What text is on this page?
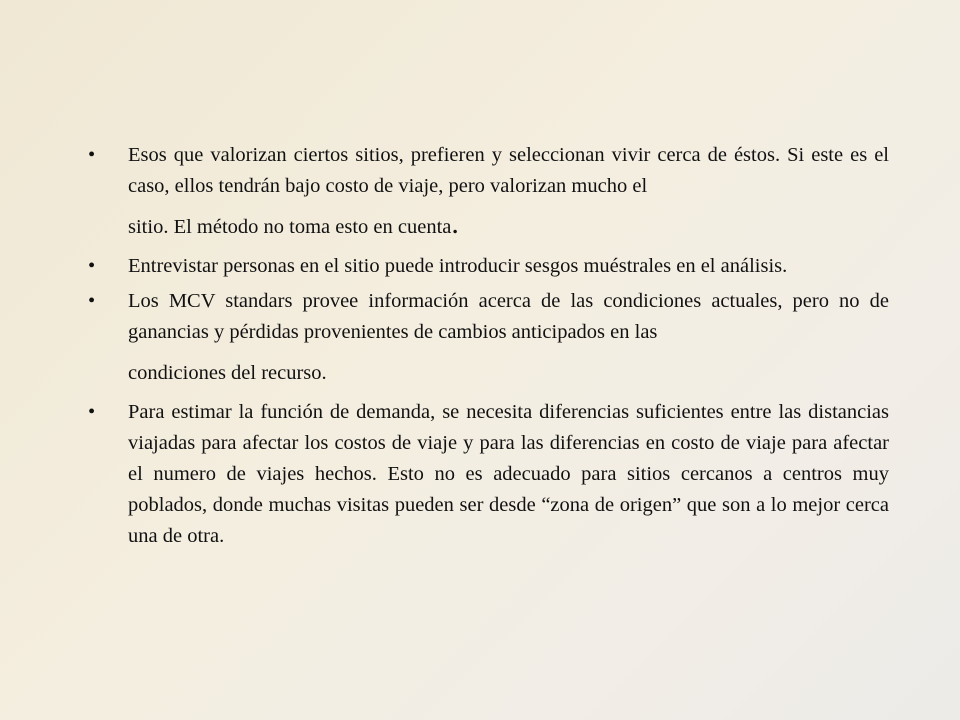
•	Esos que valorizan ciertos sitios, prefieren y seleccionan vivir cerca de éstos. Si este es el caso, ellos tendrán bajo costo de viaje, pero valorizan mucho el
sitio. El método no toma esto en cuenta.
•	Entrevistar personas en el sitio puede introducir sesgos muéstrales en el análisis.
•	Los MCV standars provee información acerca de las condiciones actuales, pero no de ganancias y pérdidas provenientes de cambios anticipados en las
condiciones del recurso.
•	Para estimar la función de demanda, se necesita diferencias suficientes entre las distancias viajadas para afectar los costos de viaje y para las diferencias en costo de viaje para afectar el numero de viajes hechos. Esto no es adecuado para sitios cercanos a centros muy poblados, donde muchas visitas pueden ser desde “zona de origen” que son a lo mejor cerca una de otra.
